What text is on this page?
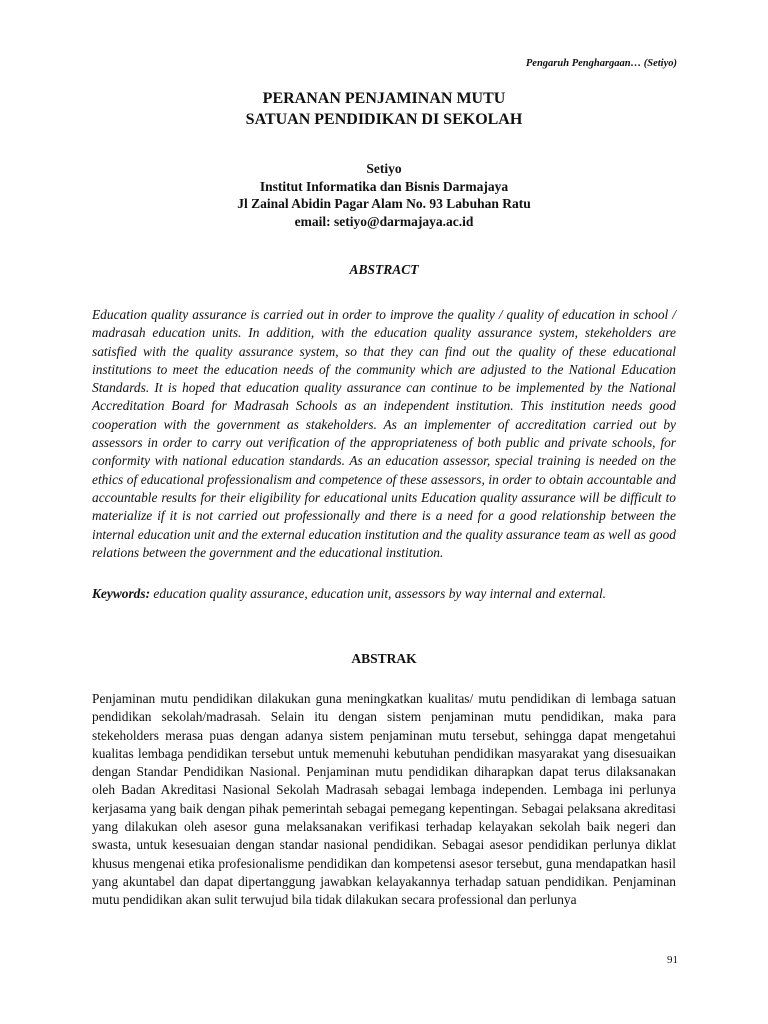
Pengaruh Penghargaan… (Setiyo)
PERANAN PENJAMINAN MUTU
SATUAN PENDIDIKAN DI SEKOLAH
Setiyo
Institut Informatika dan Bisnis Darmajaya
Jl Zainal Abidin Pagar Alam No. 93 Labuhan Ratu
email: setiyo@darmajaya.ac.id
ABSTRACT
Education quality assurance is carried out in order to improve the quality / quality of education in school / madrasah education units. In addition, with the education quality assurance system, stekeholders are satisfied with the quality assurance system, so that they can find out the quality of these educational institutions to meet the education needs of the community which are adjusted to the National Education Standards. It is hoped that education quality assurance can continue to be implemented by the National Accreditation Board for Madrasah Schools as an independent institution. This institution needs good cooperation with the government as stakeholders. As an implementer of accreditation carried out by assessors in order to carry out verification of the appropriateness of both public and private schools, for conformity with national education standards. As an education assessor, special training is needed on the ethics of educational professionalism and competence of these assessors, in order to obtain accountable and accountable results for their eligibility for educational units Education quality assurance will be difficult to materialize if it is not carried out professionally and there is a need for a good relationship between the internal education unit and the external education institution and the quality assurance team as well as good relations between the government and the educational institution.
Keywords: education quality assurance, education unit, assessors by way internal and external.
ABSTRAK
Penjaminan mutu pendidikan dilakukan guna meningkatkan kualitas/ mutu pendidikan di lembaga satuan pendidikan sekolah/madrasah. Selain itu dengan sistem penjaminan mutu pendidikan, maka para stekeholders merasa puas dengan adanya sistem penjaminan mutu tersebut, sehingga dapat mengetahui kualitas lembaga pendidikan tersebut untuk memenuhi kebutuhan pendidikan masyarakat yang disesuaikan dengan Standar Pendidikan Nasional. Penjaminan mutu pendidikan diharapkan dapat terus dilaksanakan oleh Badan Akreditasi Nasional Sekolah Madrasah sebagai lembaga independen. Lembaga ini perlunya kerjasama yang baik dengan pihak pemerintah sebagai pemegang kepentingan. Sebagai pelaksana akreditasi yang dilakukan oleh asesor guna melaksanakan verifikasi terhadap kelayakan sekolah baik negeri dan swasta, untuk kesesuaian dengan standar nasional pendidikan. Sebagai asesor pendidikan perlunya diklat khusus mengenai etika profesionalisme pendidikan dan kompetensi asesor tersebut, guna mendapatkan hasil yang akuntabel dan dapat dipertanggung jawabkan kelayakannya terhadap satuan pendidikan. Penjaminan mutu pendidikan akan sulit terwujud bila tidak dilakukan secara professional dan perlunya
91
